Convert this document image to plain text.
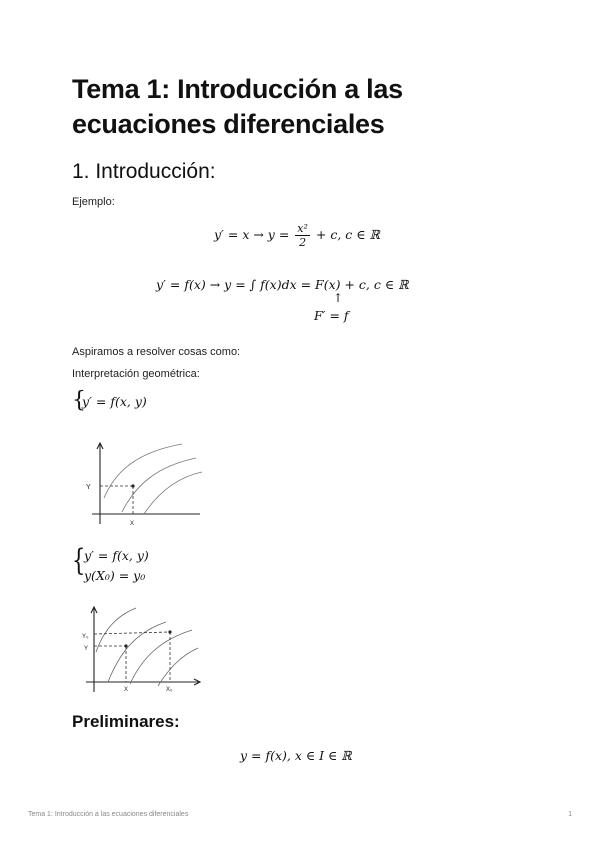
Tema 1: Introducción a las ecuaciones diferenciales
1. Introducción:
Ejemplo:
$y' = x \to y = \frac{\text{x²}}{2} + c$, c ∈ ℝ
y′ = f(x) → y = ∫ f(x)dx = F(x) + c, c ∈ ℝ
↑
F′ = f
Aspiramos a resolver cosas como:
Interpretación geométrica:
{
y′ = f(x, y)
Y
X
{
y′ = f(x, y)
y(X₀) = y₀
Y₀
Y
X	X₀
Preliminares:
y = f(x), x ∈ I ∈ ℝ
Tema 1: Introducción a las ecuaciones diferenciales	1
